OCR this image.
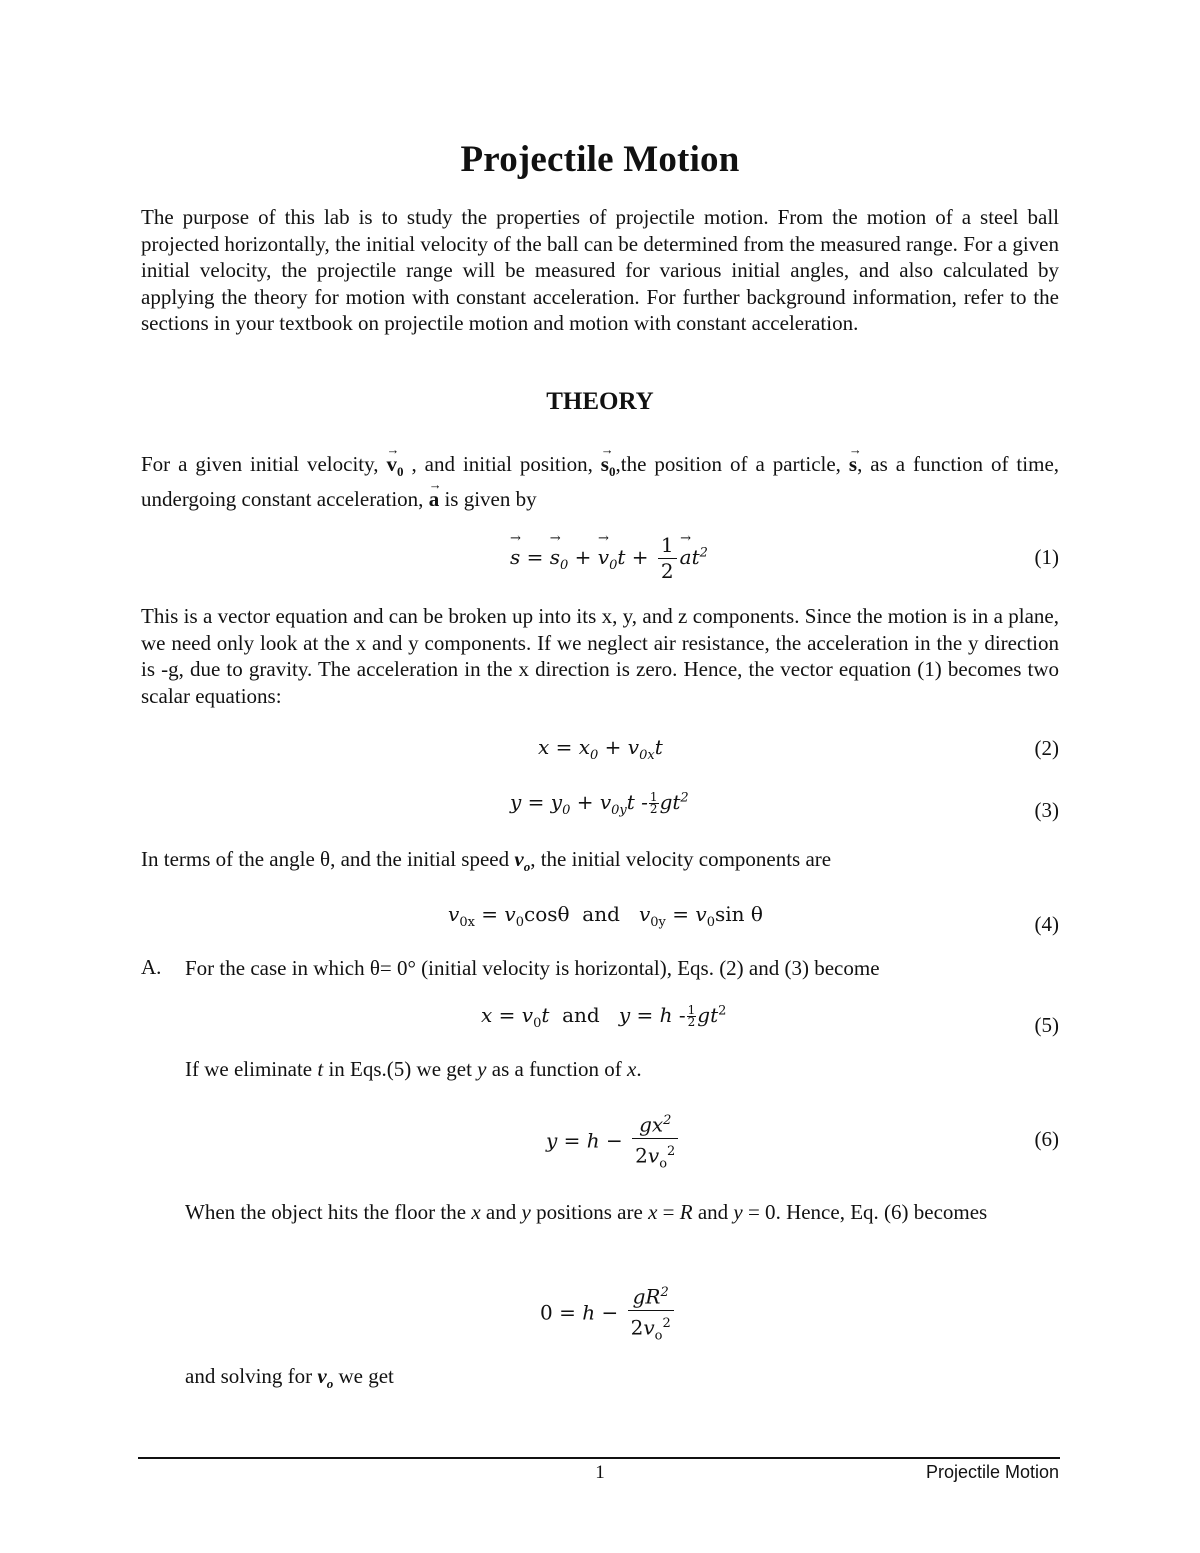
Projectile Motion

The purpose of this lab is to study the properties of projectile motion. From the motion of a steel ball projected horizontally, the initial velocity of the ball can be determined from the measured range. For a given initial velocity, the projectile range will be measured for various initial angles, and also calculated by applying the theory for motion with constant acceleration. For further background information, refer to the sections in your textbook on projectile motion and motion with constant acceleration.

THEORY

For a given initial velocity, → $v_0$ , and initial position, → $s_0,the$ position of a particle, → s, as a function of time, undergoing constant acceleration, → a is given by

→ s = → $s_0$ + → $v_0t + \frac{1}{2}$
→ $at^2$	(1)

This is a vector equation and can be broken up into its x, y, and z components. Since the motion is in a plane, we need only look at the x and y components. If we neglect air resistance, the acceleration in the y direction is -g, due to gravity. The acceleration in the x direction is zero. Hence, the vector equation (1) becomes two scalar equations:

$x = x_0 + v_{0x}t$	(2)
$y = y_0 + v_{0y}t - \frac{1}{2} gt^2$
(3)

In terms of the angle θ, and the initial speed $v_o$, the initial velocity components are

$v_{0x} = v_0\cos\theta$  and $v_{0y} = v_0\sin$ θ	(4)
A. For the case in which θ= 0° (initial velocity is horizontal), Eqs. (2) and (3) become

$x = v_0t$ and $y = h - \frac{1}{2} gt^2$
(5)

If we eliminate t in Eqs.(5) we get y as a function of x.

$y = h - \frac{gx^2}{2v_o^2}$	(6)

When the object hits the floor the x and y positions are x = R and y = 0. Hence, Eq. (6) becomes

$0 = h - \frac{gR^2}{2v_o^2}$

and solving for $v_o$ we get

1	Projectile Motion
